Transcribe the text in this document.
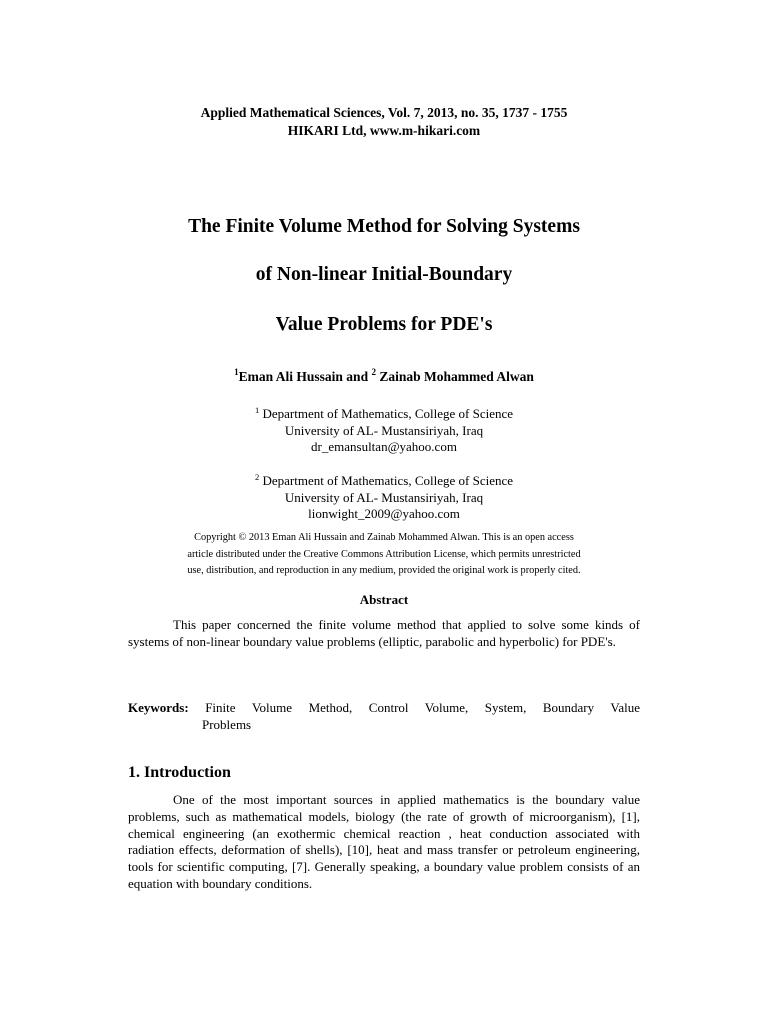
Applied Mathematical Sciences, Vol. 7, 2013, no. 35, 1737 - 1755
HIKARI Ltd, www.m-hikari.com
The Finite Volume Method for Solving Systems
of Non-linear Initial-Boundary
Value Problems for PDE's
$^1$Eman Ali Hussain and $^2$ Zainab Mohammed Alwan
$^1$ Department of Mathematics, College of Science
University of AL- Mustansiriyah, Iraq
dr_emansultan@yahoo.com
$^2$ Department of Mathematics, College of Science
University of AL- Mustansiriyah, Iraq
lionwight_2009@yahoo.com
Copyright © 2013 Eman Ali Hussain and Zainab Mohammed Alwan. This is an open access
article distributed under the Creative Commons Attribution License, which permits unrestricted
use, distribution, and reproduction in any medium, provided the original work is properly cited.
Abstract
This paper concerned the finite volume method that applied to solve some kinds of systems of non-linear boundary value problems (elliptic, parabolic and hyperbolic) for PDE's.
Keywords: Finite Volume Method, Control Volume, System, Boundary Value
Problems
1. Introduction
One of the most important sources in applied mathematics is the boundary value problems, such as mathematical models, biology (the rate of growth of microorganism), [1], chemical engineering (an exothermic chemical reaction , heat conduction associated with radiation effects, deformation of shells), [10], heat and mass transfer or petroleum engineering, tools for scientific computing, [7]. Generally speaking, a boundary value problem consists of an equation with boundary conditions.
